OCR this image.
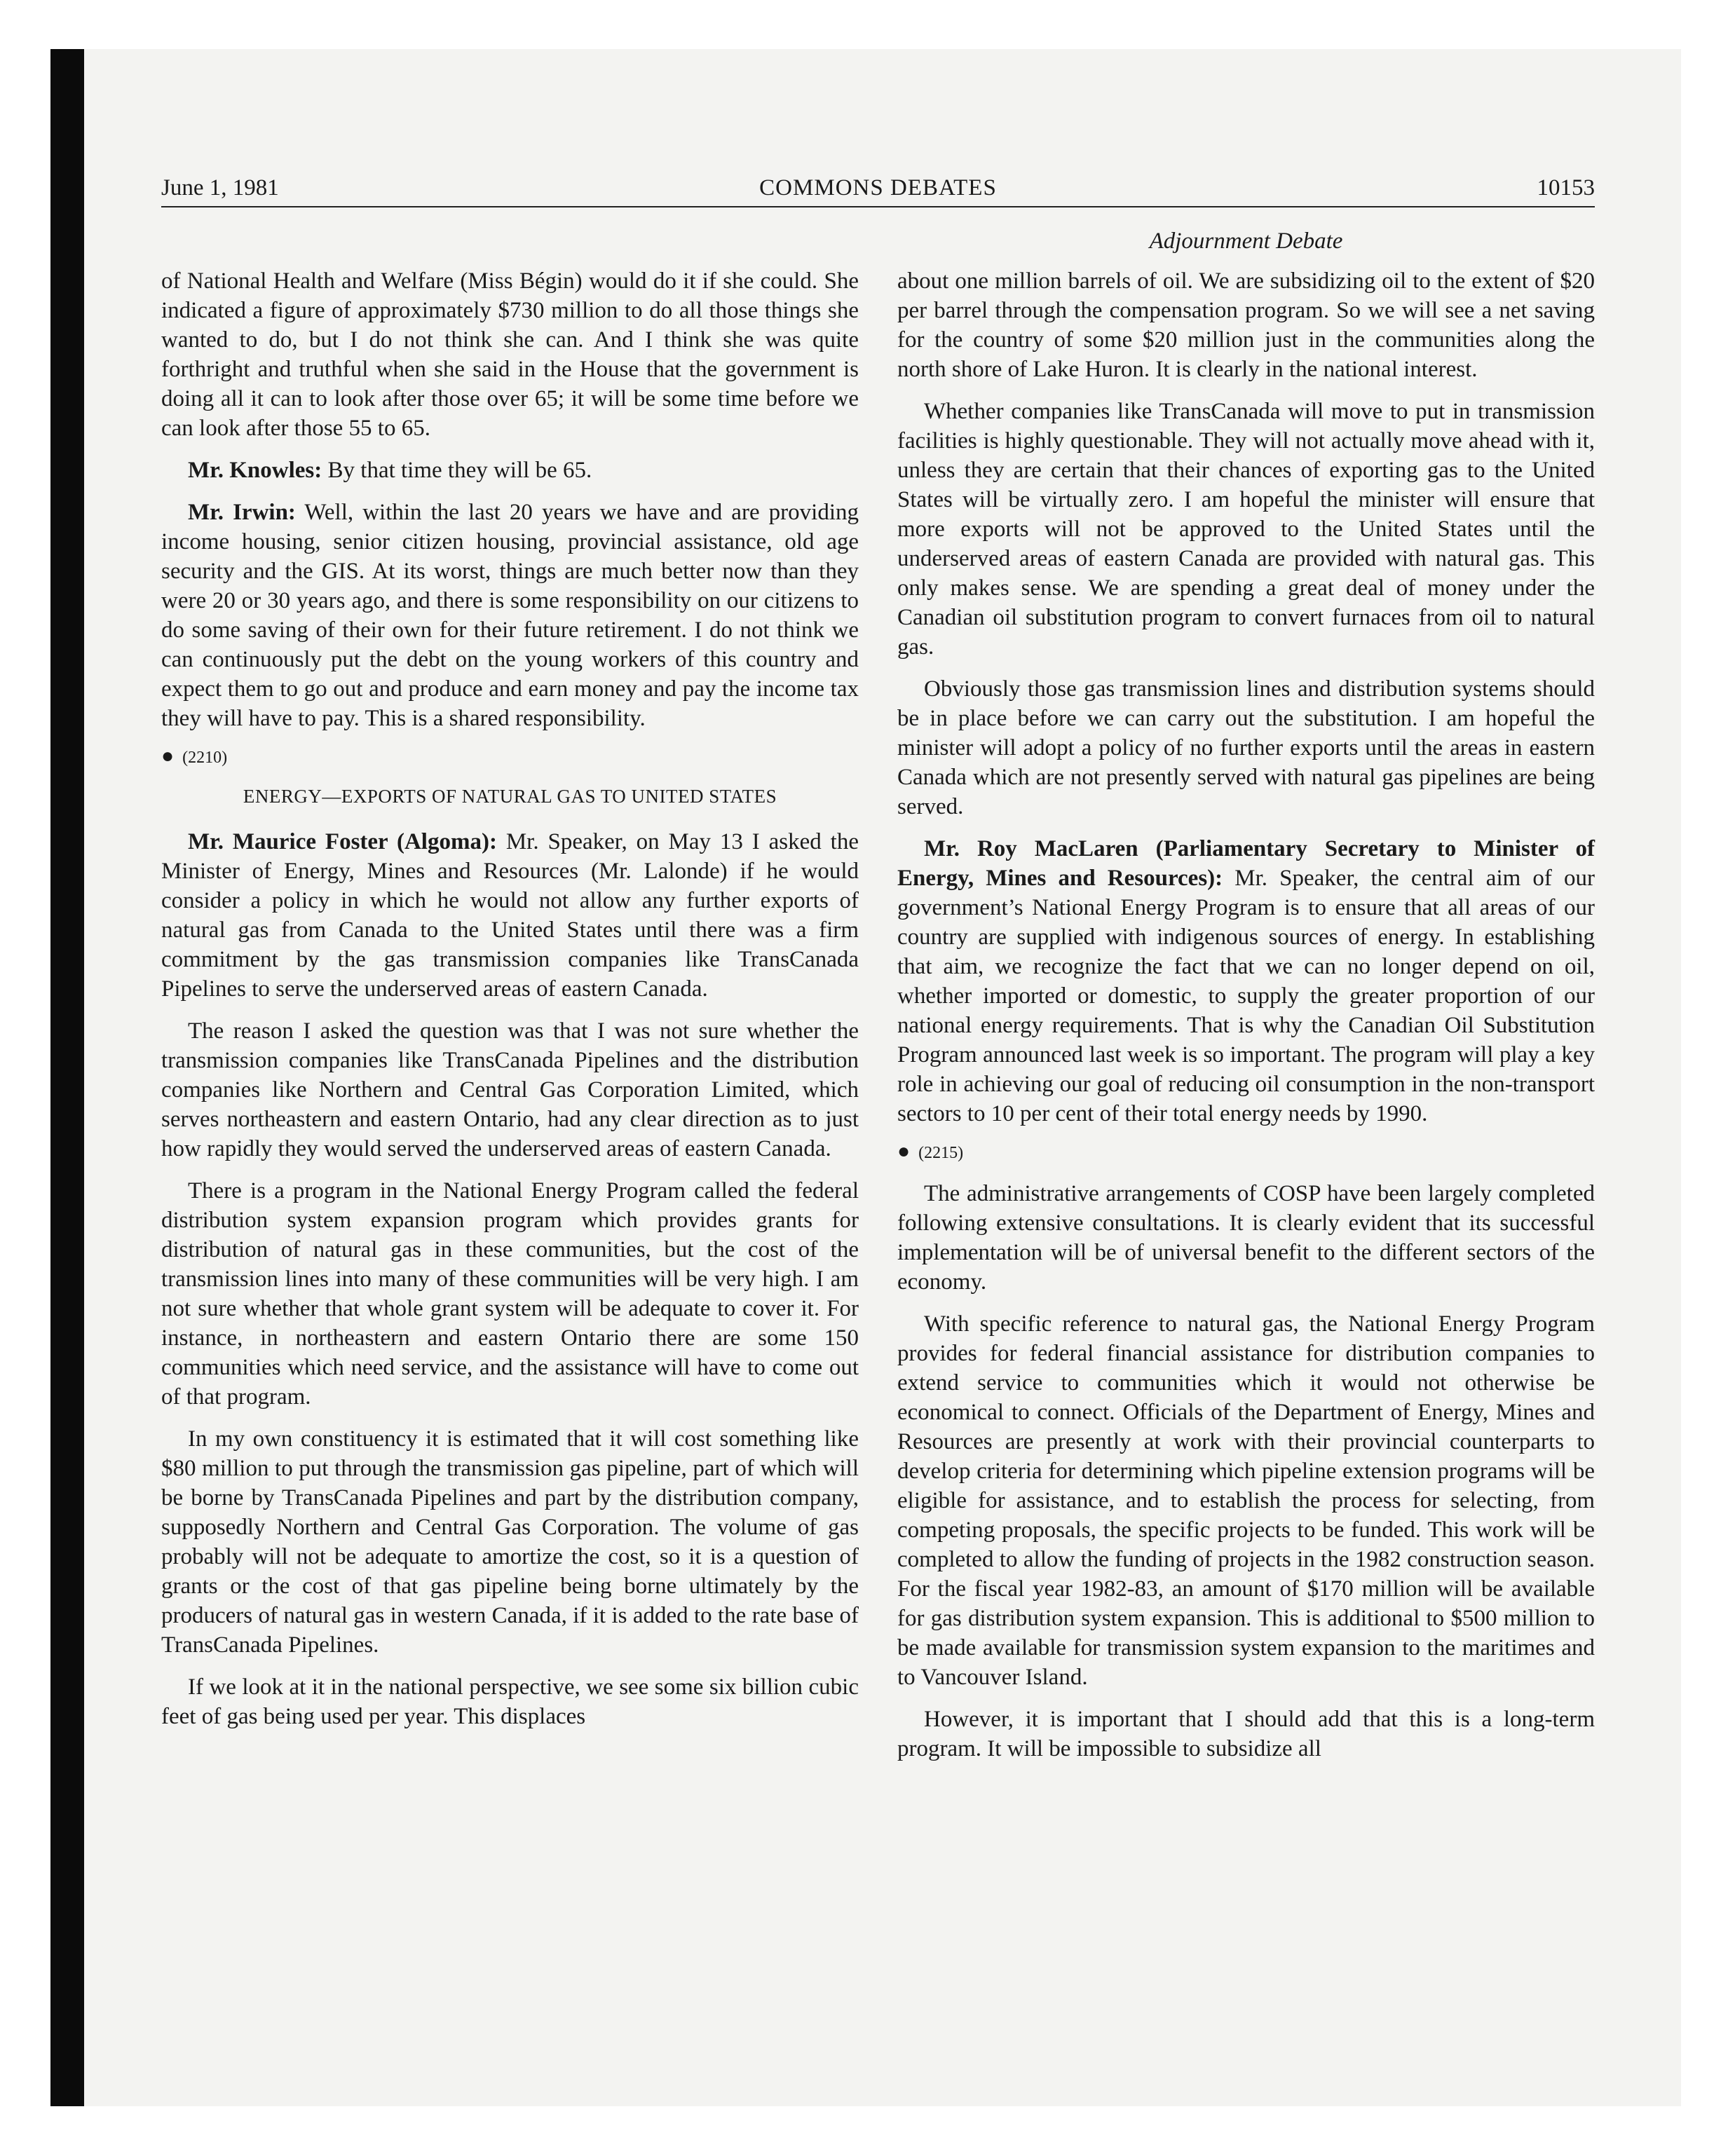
June 1, 1981	COMMONS DEBATES	10153
Adjournment Debate

of National Health and Welfare (Miss Bégin) would do it if she could. She indicated a figure of approximately $730 million to do all those things she wanted to do, but I do not think she can. And I think she was quite forthright and truthful when she said in the House that the government is doing all it can to look after those over 65; it will be some time before we can look after those 55 to 65.

Mr. Knowles: By that time they will be 65.

Mr. Irwin: Well, within the last 20 years we have and are providing income housing, senior citizen housing, provincial assistance, old age security and the GIS. At its worst, things are much better now than they were 20 or 30 years ago, and there is some responsibility on our citizens to do some saving of their own for their future retirement. I do not think we can continuously put the debt on the young workers of this country and expect them to go out and produce and earn money and pay the income tax they will have to pay. This is a shared responsibility.

● (2210)
ENERGY—EXPORTS OF NATURAL GAS TO UNITED STATES

Mr. Maurice Foster (Algoma): Mr. Speaker, on May 13 I asked the Minister of Energy, Mines and Resources (Mr. Lalonde) if he would consider a policy in which he would not allow any further exports of natural gas from Canada to the United States until there was a firm commitment by the gas transmission companies like TransCanada Pipelines to serve the underserved areas of eastern Canada.

The reason I asked the question was that I was not sure whether the transmission companies like TransCanada Pipelines and the distribution companies like Northern and Central Gas Corporation Limited, which serves northeastern and eastern Ontario, had any clear direction as to just how rapidly they would served the underserved areas of eastern Canada.

There is a program in the National Energy Program called the federal distribution system expansion program which provides grants for distribution of natural gas in these communities, but the cost of the transmission lines into many of these communities will be very high. I am not sure whether that whole grant system will be adequate to cover it. For instance, in northeastern and eastern Ontario there are some 150 communities which need service, and the assistance will have to come out of that program.

In my own constituency it is estimated that it will cost something like $80 million to put through the transmission gas pipeline, part of which will be borne by TransCanada Pipelines and part by the distribution company, supposedly Northern and Central Gas Corporation. The volume of gas probably will not be adequate to amortize the cost, so it is a question of grants or the cost of that gas pipeline being borne ultimately by the producers of natural gas in western Canada, if it is added to the rate base of TransCanada Pipelines.

If we look at it in the national perspective, we see some six billion cubic feet of gas being used per year. This displaces

about one million barrels of oil. We are subsidizing oil to the extent of $20 per barrel through the compensation program. So we will see a net saving for the country of some $20 million just in the communities along the north shore of Lake Huron. It is clearly in the national interest.

Whether companies like TransCanada will move to put in transmission facilities is highly questionable. They will not actually move ahead with it, unless they are certain that their chances of exporting gas to the United States will be virtually zero. I am hopeful the minister will ensure that more exports will not be approved to the United States until the underserved areas of eastern Canada are provided with natural gas. This only makes sense. We are spending a great deal of money under the Canadian oil substitution program to convert furnaces from oil to natural gas.

Obviously those gas transmission lines and distribution systems should be in place before we can carry out the substitution. I am hopeful the minister will adopt a policy of no further exports until the areas in eastern Canada which are not presently served with natural gas pipelines are being served.

Mr. Roy MacLaren (Parliamentary Secretary to Minister of Energy, Mines and Resources): Mr. Speaker, the central aim of our government’s National Energy Program is to ensure that all areas of our country are supplied with indigenous sources of energy. In establishing that aim, we recognize the fact that we can no longer depend on oil, whether imported or domestic, to supply the greater proportion of our national energy requirements. That is why the Canadian Oil Substitution Program announced last week is so important. The program will play a key role in achieving our goal of reducing oil consumption in the non-transport sectors to 10 per cent of their total energy needs by 1990.

● (2215)

The administrative arrangements of COSP have been largely completed following extensive consultations. It is clearly evident that its successful implementation will be of universal benefit to the different sectors of the economy.

With specific reference to natural gas, the National Energy Program provides for federal financial assistance for distribution companies to extend service to communities which it would not otherwise be economical to connect. Officials of the Department of Energy, Mines and Resources are presently at work with their provincial counterparts to develop criteria for determining which pipeline extension programs will be eligible for assistance, and to establish the process for selecting, from competing proposals, the specific projects to be funded. This work will be completed to allow the funding of projects in the 1982 construction season. For the fiscal year 1982-83, an amount of $170 million will be available for gas distribution system expansion. This is additional to $500 million to be made available for transmission system expansion to the maritimes and to Vancouver Island.

However, it is important that I should add that this is a long-term program. It will be impossible to subsidize all
